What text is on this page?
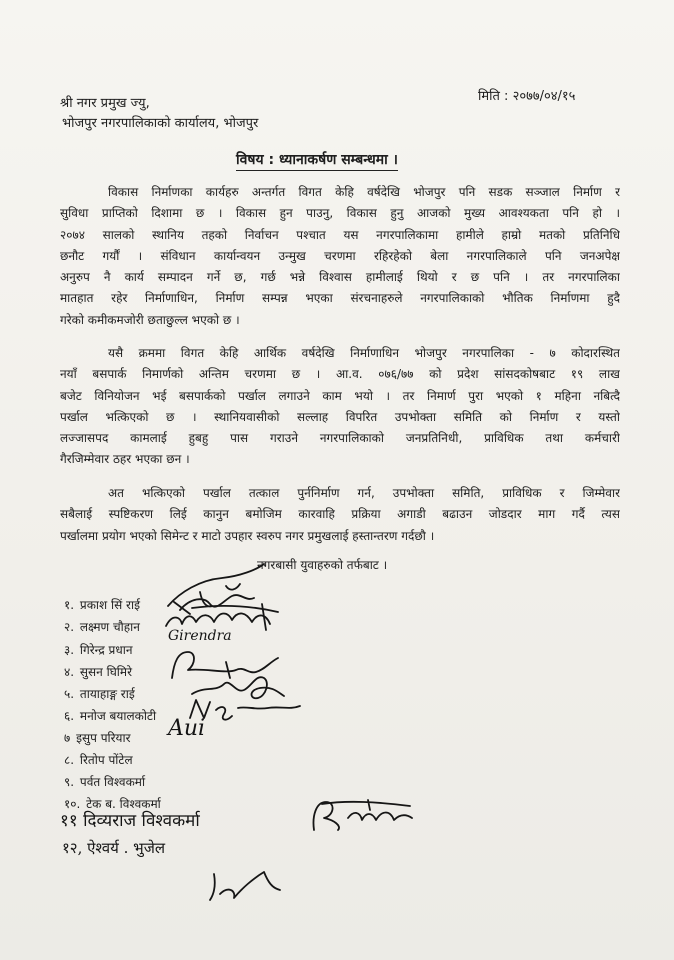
मिति : २०७७/०४/१५
श्री नगर प्रमुख ज्यु,
भोजपुर नगरपालिकाको कार्यालय, भोजपुर
विषय : ध्यानाकर्षण सम्बन्धमा ।
विकास निर्माणका कार्यहरु अन्तर्गत विगत केहि वर्षदेखि भोजपुर पनि सडक सञ्जाल निर्माण र
सुविधा प्राप्तिको दिशामा छ । विकास हुन पाउनु, विकास हुनु आजको मुख्य आवश्यकता पनि हो ।
२०७४ सालको स्थानिय तहको निर्वाचन पश्चात यस नगरपालिकामा हामीले हाम्रो मतको प्रतिनिधि
छनौट गर्यौं । संविधान कार्यान्वयन उन्मुख चरणमा रहिरहेको बेला नगरपालिकाले पनि जनअपेक्ष
अनुरुप नै कार्य सम्पादन गर्ने छ, गर्छ भन्ने विश्वास हामीलाई थियो र छ पनि । तर नगरपालिका
मातहात रहेर निर्माणाधिन, निर्माण सम्पन्न भएका संरचनाहरुले नगरपालिकाको भौतिक निर्माणमा हुदै
गरेको कमीकमजोरी छताछुल्ल भएको छ ।
यसै क्रममा विगत केहि आर्थिक वर्षदेखि निर्माणाधिन भोजपुर नगरपालिका - ७ कोदारस्थित
नयाँ बसपार्क निमार्णको अन्तिम चरणमा छ । आ.व. ०७६/७७ को प्रदेश सांसदकोषबाट १९ लाख
बजेट विनियोजन भई बसपार्कको पर्खाल लगाउने काम भयो । तर निमार्ण पुरा भएको १ महिना नबित्दै
पर्खाल भत्किएको छ । स्थानियवासीको सल्लाह विपरित उपभोक्ता समिति को निर्माण र यस्तो
लज्जासपद कामलाई हुबहु पास गराउने नगरपालिकाको जनप्रतिनिधी, प्राविधिक तथा कर्मचारी
गैरजिम्मेवार ठहर भएका छन ।
अत भत्किएको पर्खाल तत्काल पुर्ननिर्माण गर्न, उपभोक्ता समिति, प्राविधिक र जिम्मेवार
सबैलाई स्पष्टिकरण लिई कानुन बमोजिम कारवाहि प्रक्रिया अगाडी बढाउन जोडदार माग गर्दै त्यस
पर्खालमा प्रयोग भएको सिमेन्ट र माटो उपहार स्वरुप नगर प्रमुखलाई हस्तान्तरण गर्दछौ ।
नगरबासी युवाहरुको तर्फबाट ।
Girendra
Aui
१. प्रकाश सिं राई
२. लक्ष्मण चौहान
३. गिरेन्द्र प्रधान
४. सुसन घिमिरे
५. तायाहाङ्ग राई
६. मनोज बयालकोटी
७ इसुप परियार
८. रितोप पोंटेल
९. पर्वत विश्वकर्मा
१०. टेक ब. विश्वकर्मा
११ दिव्यराज विश्वकर्मा
१२, ऐश्वर्य . भुजेल
